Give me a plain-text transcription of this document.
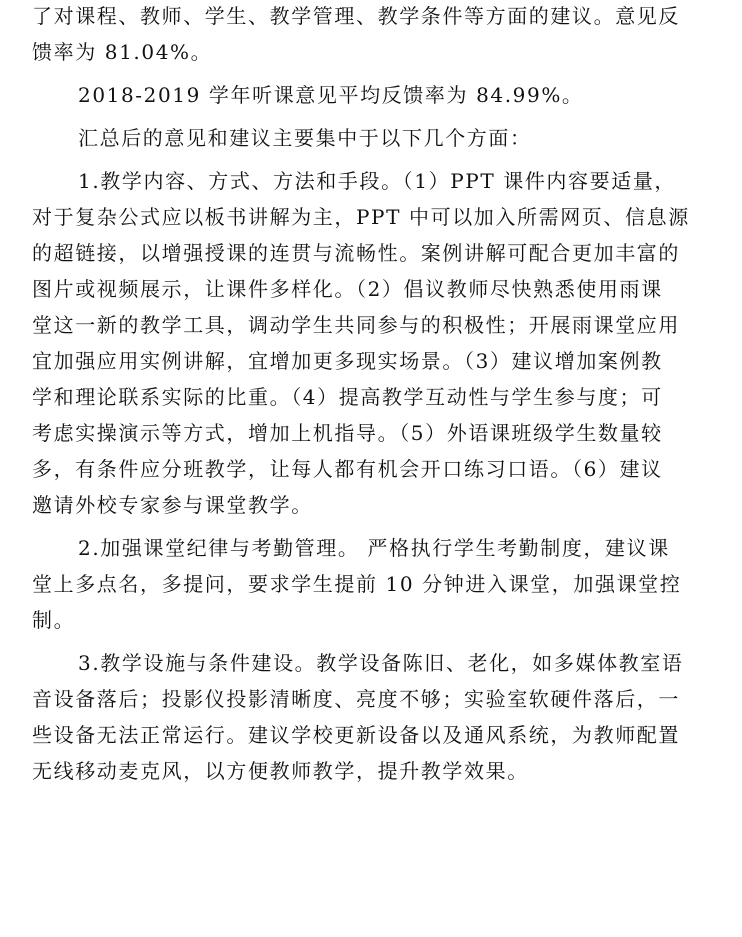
了对课程、教师、学生、教学管理、教学条件等方面的建议。意见反
馈率为 81.04%。
2018-2019 学年听课意见平均反馈率为 84.99%。
汇总后的意见和建议主要集中于以下几个方面：
1.教学内容、方式、方法和手段。（1）PPT 课件内容要适量，
对于复杂公式应以板书讲解为主，PPT 中可以加入所需网页、信息源
的超链接，以增强授课的连贯与流畅性。案例讲解可配合更加丰富的
图片或视频展示，让课件多样化。（2）倡议教师尽快熟悉使用雨课
堂这一新的教学工具，调动学生共同参与的积极性；开展雨课堂应用
宜加强应用实例讲解，宜增加更多现实场景。（3）建议增加案例教
学和理论联系实际的比重。（4）提高教学互动性与学生参与度；可
考虑实操演示等方式，增加上机指导。（5）外语课班级学生数量较
多，有条件应分班教学，让每人都有机会开口练习口语。（6）建议
邀请外校专家参与课堂教学。
2.加强课堂纪律与考勤管理。 严格执行学生考勤制度，建议课
堂上多点名，多提问，要求学生提前 10 分钟进入课堂，加强课堂控
制。
3.教学设施与条件建设。教学设备陈旧、老化，如多媒体教室语
音设备落后；投影仪投影清晰度、亮度不够；实验室软硬件落后，一
些设备无法正常运行。建议学校更新设备以及通风系统，为教师配置
无线移动麦克风，以方便教师教学，提升教学效果。
